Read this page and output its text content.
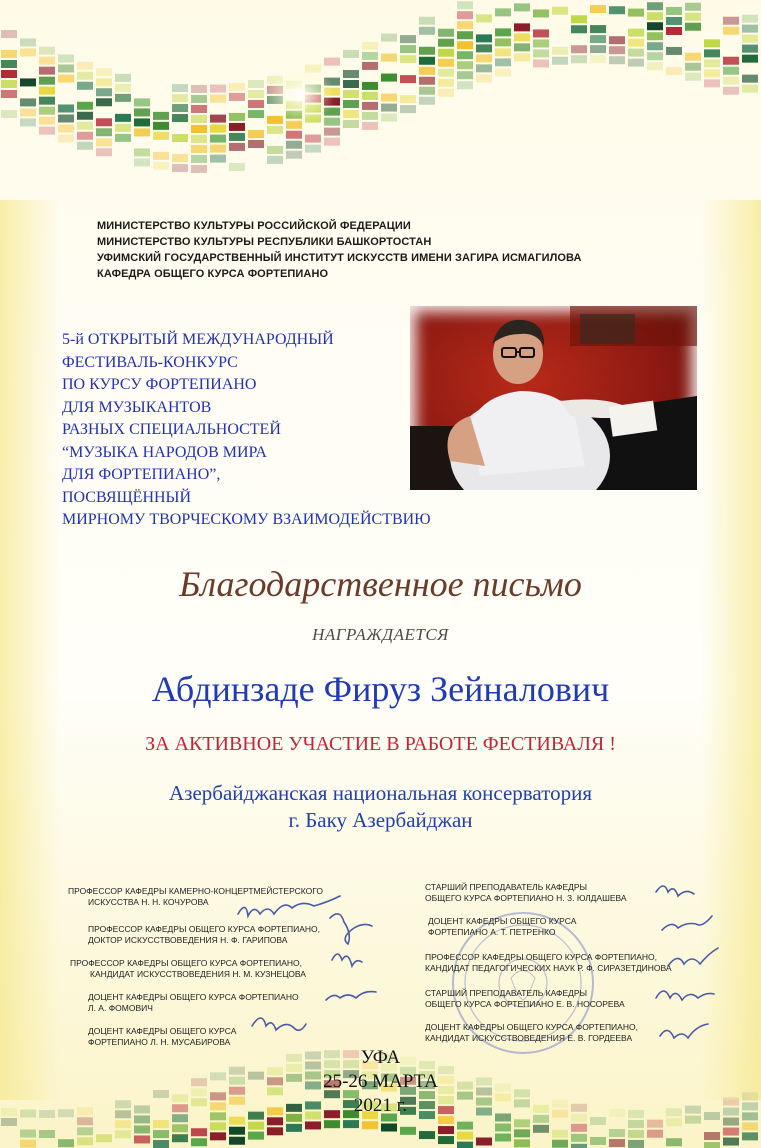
МИНИСТЕРСТВО КУЛЬТУРЫ РОССИЙСКОЙ ФЕДЕРАЦИИ
МИНИСТЕРСТВО КУЛЬТУРЫ РЕСПУБЛИКИ БАШКОРТОСТАН
УФИМСКИЙ ГОСУДАРСТВЕННЫЙ ИНСТИТУТ ИСКУССТВ ИМЕНИ ЗАГИРА ИСМАГИЛОВА
КАФЕДРА ОБЩЕГО КУРСА ФОРТЕПИАНО
5-й ОТКРЫТЫЙ МЕЖДУНАРОДНЫЙ
ФЕСТИВАЛЬ-КОНКУРС
ПО КУРСУ ФОРТЕПИАНО
ДЛЯ МУЗЫКАНТОВ
РАЗНЫХ СПЕЦИАЛЬНОСТЕЙ
“МУЗЫКА НАРОДОВ МИРА
ДЛЯ ФОРТЕПИАНО”,
ПОСВЯЩЁННЫЙ
МИРНОМУ ТВОРЧЕСКОМУ ВЗАИМОДЕЙСТВИЮ
Благодарственное письмо
НАГРАЖДАЕТСЯ
Абдинзаде Фируз Зейналович
ЗА АКТИВНОЕ УЧАСТИЕ В РАБОТЕ ФЕСТИВАЛЯ !
Азербайджанская национальная консерватория
г. Баку Азербайджан
ПРОФЕССОР КАФЕДРЫ КАМЕРНО-КОНЦЕРТМЕЙСТЕРСКОГО
ИСКУССТВА Н. Н. КОЧУРОВА
ПРОФЕССОР КАФЕДРЫ ОБЩЕГО КУРСА ФОРТЕПИАНО,
ДОКТОР ИСКУССТВОВЕДЕНИЯ Н. Ф. ГАРИПОВА
ПРОФЕССОР КАФЕДРЫ ОБЩЕГО КУРСА ФОРТЕПИАНО,
КАНДИДАТ ИСКУССТВОВЕДЕНИЯ Н. М. КУЗНЕЦОВА
ДОЦЕНТ КАФЕДРЫ ОБЩЕГО КУРСА ФОРТЕПИАНО
Л. А. ФОМОВИЧ
ДОЦЕНТ КАФЕДРЫ ОБЩЕГО КУРСА
ФОРТЕПИАНО Л. Н. МУСАБИРОВА
СТАРШИЙ ПРЕПОДАВАТЕЛЬ КАФЕДРЫ
ОБЩЕГО КУРСА ФОРТЕПИАНО Н. З. ЮЛДАШЕВА
ДОЦЕНТ КАФЕДРЫ ОБЩЕГО КУРСА
ФОРТЕПИАНО А. Т. ПЕТРЕНКО
ПРОФЕССОР КАФЕДРЫ ОБЩЕГО КУРСА ФОРТЕПИАНО,
КАНДИДАТ ПЕДАГОГИЧЕСКИХ НАУК Р. Ф. СИРАЗЕТДИНОВА
СТАРШИЙ ПРЕПОДАВАТЕЛЬ КАФЕДРЫ
ОБЩЕГО КУРСА ФОРТЕПИАНО Е. В. НОСОРЕВА
ДОЦЕНТ КАФЕДРЫ ОБЩЕГО КУРСА ФОРТЕПИАНО,
КАНДИДАТ ИСКУССТВОВЕДЕНИЯ Е. В. ГОРДЕЕВА
УФА
25-26 МАРТА
2021 г.
